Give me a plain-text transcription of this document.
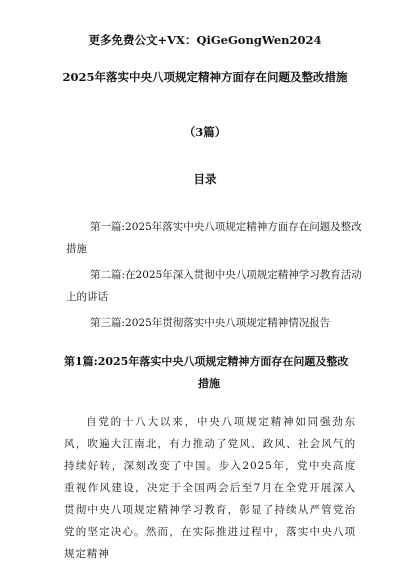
更多免费公文+VX：QiGeGongWen2024
2025年落实中央八项规定精神方面存在问题及整改措施
（3篇）
目录
第一篇:2025年落实中央八项规定精神方面存在问题及整改措施
第二篇:在2025年深入贯彻中央八项规定精神学习教育活动上的讲话
第三篇:2025年贯彻落实中央八项规定精神情况报告
第1篇:2025年落实中央八项规定精神方面存在问题及整改
措施
自党的十八大以来，中央八项规定精神如同强劲东风，吹遍大江南北，有力推动了党风、政风、社会风气的持续好转，深刻改变了中国。步入2025年，党中央高度重视作风建设，决定于全国两会后至7月在全党开展深入贯彻中央八项规定精神学习教育，彰显了持续从严管党治党的坚定决心。然而，在实际推进过程中，落实中央八项规定精神
